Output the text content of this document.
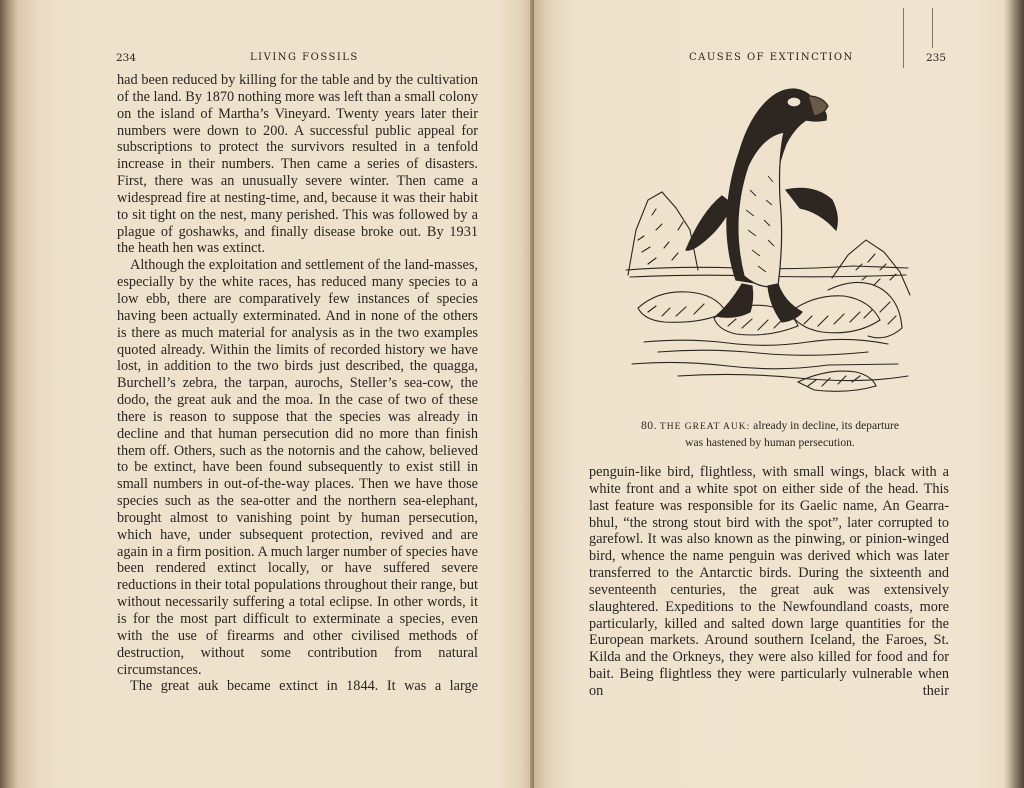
234	LIVING FOSSILS

had been reduced by killing for the table and by the cultivation of the land. By 1870 nothing more was left than a small colony on the island of Martha’s Vineyard. Twenty years later their numbers were down to 200. A successful public appeal for subscriptions to protect the survivors resulted in a tenfold increase in their numbers. Then came a series of disasters. First, there was an unusually severe winter. Then came a widespread fire at nesting-time, and, because it was their habit to sit tight on the nest, many perished. This was followed by a plague of goshawks, and finally disease broke out. By 1931 the heath hen was extinct.

Although the exploitation and settlement of the land-masses, especially by the white races, has reduced many species to a low ebb, there are comparatively few instances of species having been actually exterminated. And in none of the others is there as much material for analysis as in the two examples quoted already. Within the limits of recorded history we have lost, in addition to the two birds just described, the quagga, Burchell’s zebra, the tarpan, aurochs, Steller’s sea-cow, the dodo, the great auk and the moa. In the case of two of these there is reason to suppose that the species was already in decline and that human persecution did no more than finish them off. Others, such as the notornis and the cahow, believed to be extinct, have been found subsequently to exist still in small numbers in out-of-the-way places. Then we have those species such as the sea-otter and the northern sea-elephant, brought almost to vanishing point by human persecution, which have, under subsequent protection, revived and are again in a firm position. A much larger number of species have been rendered extinct locally, or have suffered severe reductions in their total populations throughout their range, but without necessarily suffering a total eclipse. In other words, it is for the most part difficult to exterminate a species, even with the use of firearms and other civilised methods of destruction, without some contribution from natural circumstances.

The great auk became extinct in 1844. It was a large

CAUSES OF EXTINCTION	235
80. THE GREAT AUK: already in decline, its departure
was hastened by human persecution.

penguin-like bird, flightless, with small wings, black with a white front and a white spot on either side of the head. This last feature was responsible for its Gaelic name, An Gearra-bhul, “the strong stout bird with the spot”, later corrupted to garefowl. It was also known as the pinwing, or pinion-winged bird, whence the name penguin was derived which was later transferred to the Antarctic birds. During the sixteenth and seventeenth centuries, the great auk was extensively slaughtered. Expeditions to the Newfoundland coasts, more particularly, killed and salted down large quantities for the European markets. Around southern Iceland, the Faroes, St. Kilda and the Orkneys, they were also killed for food and for bait. Being flightless they were particularly vulnerable when on their
